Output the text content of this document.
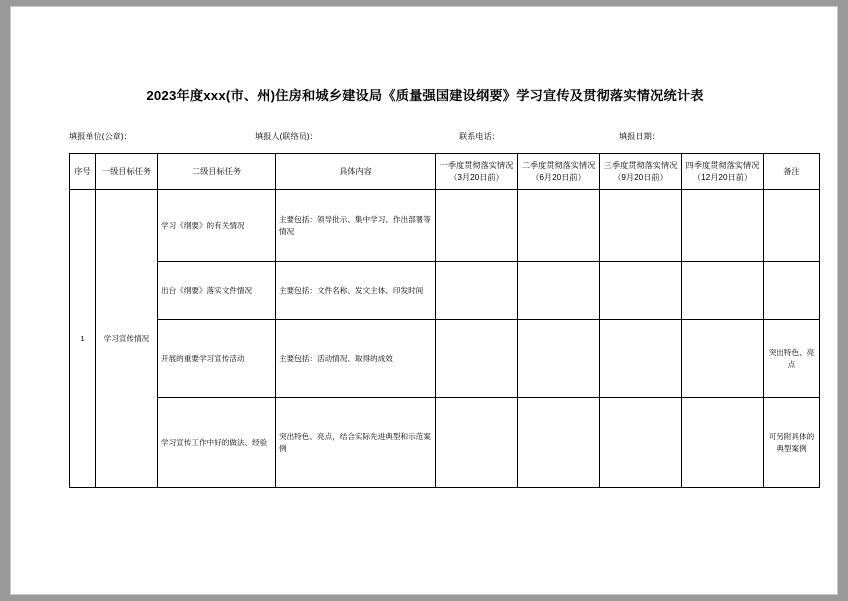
2023年度xxx(市、州)住房和城乡建设局《质量强国建设纲要》学习宣传及贯彻落实情况统计表
填报单位(公章)：	填报人(联络员)：	联系电话：	填报日期：
序号	一级目标任务	二级目标任务	具体内容	一季度贯彻落实情况（3月20日前）	二季度贯彻落实情况（6月20日前）	三季度贯彻落实情况（9月20日前）	四季度贯彻落实情况（12月20日前）	备注
1	学习宣传情况	学习《纲要》的有关情况	主要包括：领导批示、集中学习、作出部署等情况					
		出台《纲要》落实文件情况	主要包括：文件名称、发文主体、印发时间					
		开展的重要学习宣传活动	主要包括：活动情况、取得的成效					突出特色、亮点
		学习宣传工作中好的做法、经验	突出特色、亮点，结合实际先进典型和示范案例					可另附具体的典型案例
